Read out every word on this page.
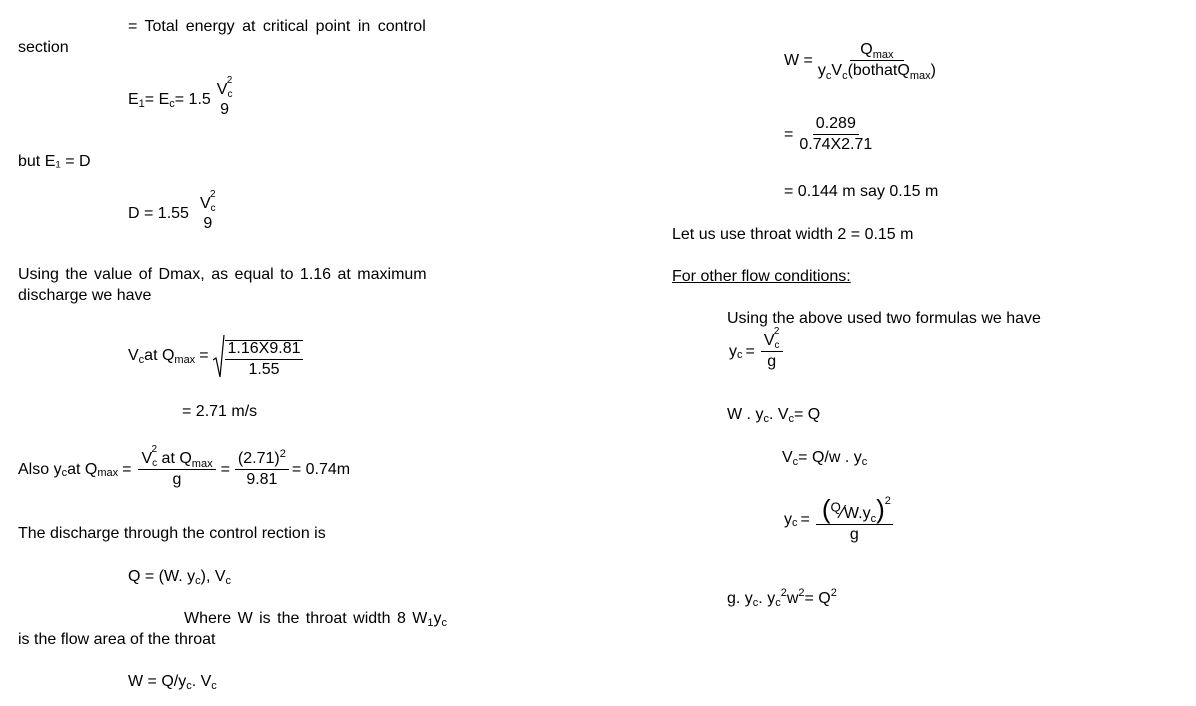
= Total energy at critical point in control
section
E 1 = E c = 1.5
V
2
c
9
but E₁ = D
D = 1.55
V
2
c
9
Using the value of Dmax, as equal to 1.16 at maximum
discharge we have
V c at Q $\max = \frac{1.16X9.81}{1.55}$
= 2.71 m/s
Also y c at Q max = V
2
c at $Q_{max}$
$g = \frac{(2.71)^2}{9.81} = 0.74m$
The discharge through the control rection is
Q = (W. y c ), V c
Where W is the throat width 8 W 1 y c
is the flow area of the throat
W = Q/y c . V c
$W = \frac{Q_{max}}{y_cV_c(bothatQ_{max})}$
= $\frac{0.289}{0.74X2.71}$
= 0.144 m say 0.15 m
Let us use throat width 2 = 0.15 m
For other flow conditions:
Using the above used two formulas we have
y c = V
2
c
g
W . y c . V c = Q
V c = Q/w . y c
y $c = \frac{(^Q⁄W.y_c)^2}{g}$
g. y c . y c
2 w 2 = Q 2
